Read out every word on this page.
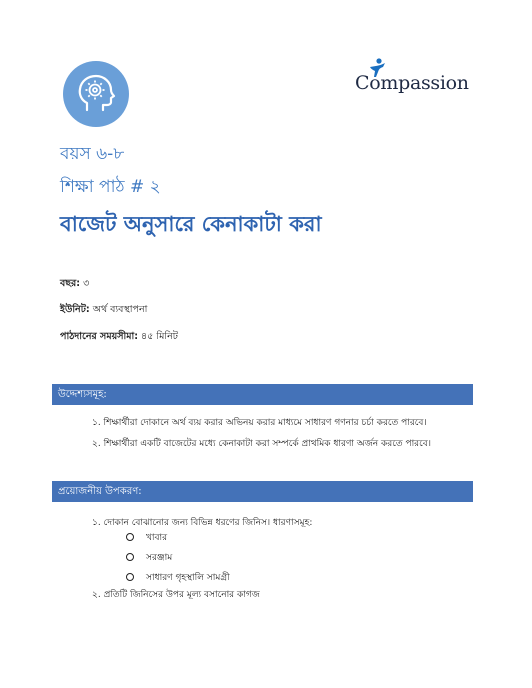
Compassion
বয়স ৬-৮
শিক্ষা পাঠ # ২
বাজেট অনুসারে কেনাকাটা করা
বছর: ৩
ইউনিট: অর্থ ব্যবস্থাপনা
পাঠদানের সময়সীমা: ৪৫ মিনিট
উদ্দেশ্যসমূহ:
১. শিক্ষার্থীরা দোকানে অর্থ ব্যয় করার অভিনয় করার মাধ্যমে সাধারণ গণনার চর্চা করতে পারবে।
২. শিক্ষার্থীরা একটি বাজেটের মধ্যে কেনাকাটা করা সম্পর্কে প্রাথমিক ধারণা অর্জন করতে পারবে।
প্রয়োজনীয় উপকরণ:
১. দোকান বোঝানোর জন্য বিভিন্ন ধরণের জিনিস। ধারণাসমূহ:
খাবার
সরঞ্জাম
সাধারণ গৃহস্থালি সামগ্রী
২. প্রতিটি জিনিসের উপর মূল্য বসানোর কাগজ
